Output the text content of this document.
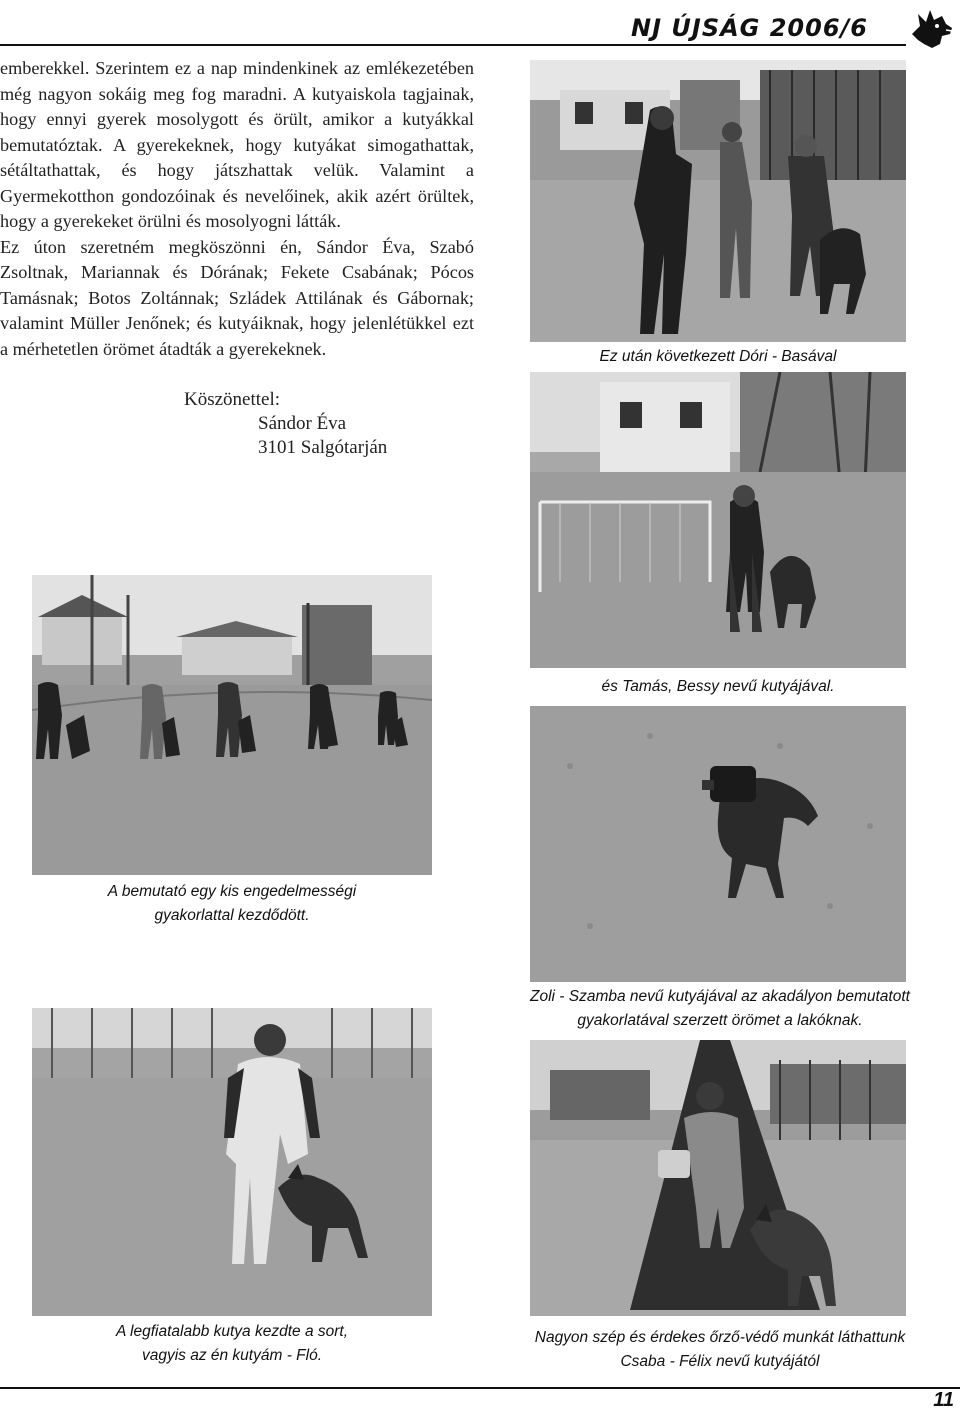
NJ ÚJSÁG 2006/6

emberekkel. Szerintem ez a nap mindenkinek az emlékezetében még nagyon sokáig meg fog maradni. A kutyaiskola tagjainak, hogy ennyi gyerek mosolygott és örült, amikor a kutyákkal bemutatóztak. A gyerekeknek, hogy kutyákat simogathattak, sétáltathattak, és hogy játszhattak velük. Valamint a Gyermekotthon gondozóinak és nevelőinek, akik azért örültek, hogy a gyerekeket örülni és mosolyogni látták.

Ez úton szeretném megköszönni én, Sándor Éva, Szabó Zsoltnak, Mariannak és Dórának; Fekete Csabának; Pócos Tamásnak; Botos Zoltánnak; Szládek Attilának és Gábornak; valamint Müller Jenőnek; és kutyáiknak, hogy jelenlétükkel ezt a mérhetetlen örömet átadták a gyerekeknek.

Köszönettel:
Sándor Éva
3101 Salgótarján
Ez után következett Dóri - Basával
és Tamás, Bessy nevű kutyájával.
A bemutató egy kis engedelmességi
gyakorlattal kezdődött.
Zoli - Szamba nevű kutyájával az akadályon bemutatott
gyakorlatával szerzett örömet a lakóknak.
A legfiatalabb kutya kezdte a sort,
vagyis az én kutyám - Fló.
Nagyon szép és érdekes őrző-védő munkát láthattunk
Csaba - Félix nevű kutyájától
11
